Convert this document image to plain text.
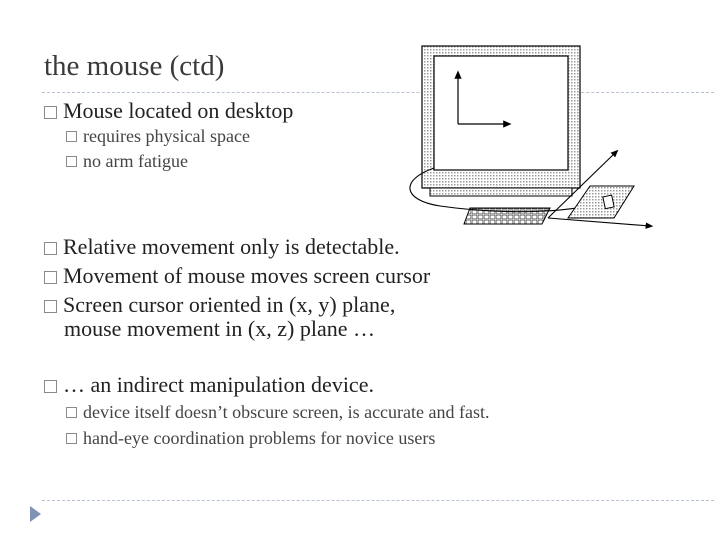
the mouse (ctd)
Mouse located on desktop
requires physical space
no arm fatigue
Relative movement only is detectable.
Movement of mouse moves screen cursor
Screen cursor oriented in (x, y) plane,
mouse movement in (x, z) plane …
… an indirect manipulation device.
device itself doesn’t obscure screen, is accurate and fast.
hand-eye coordination problems for novice users
